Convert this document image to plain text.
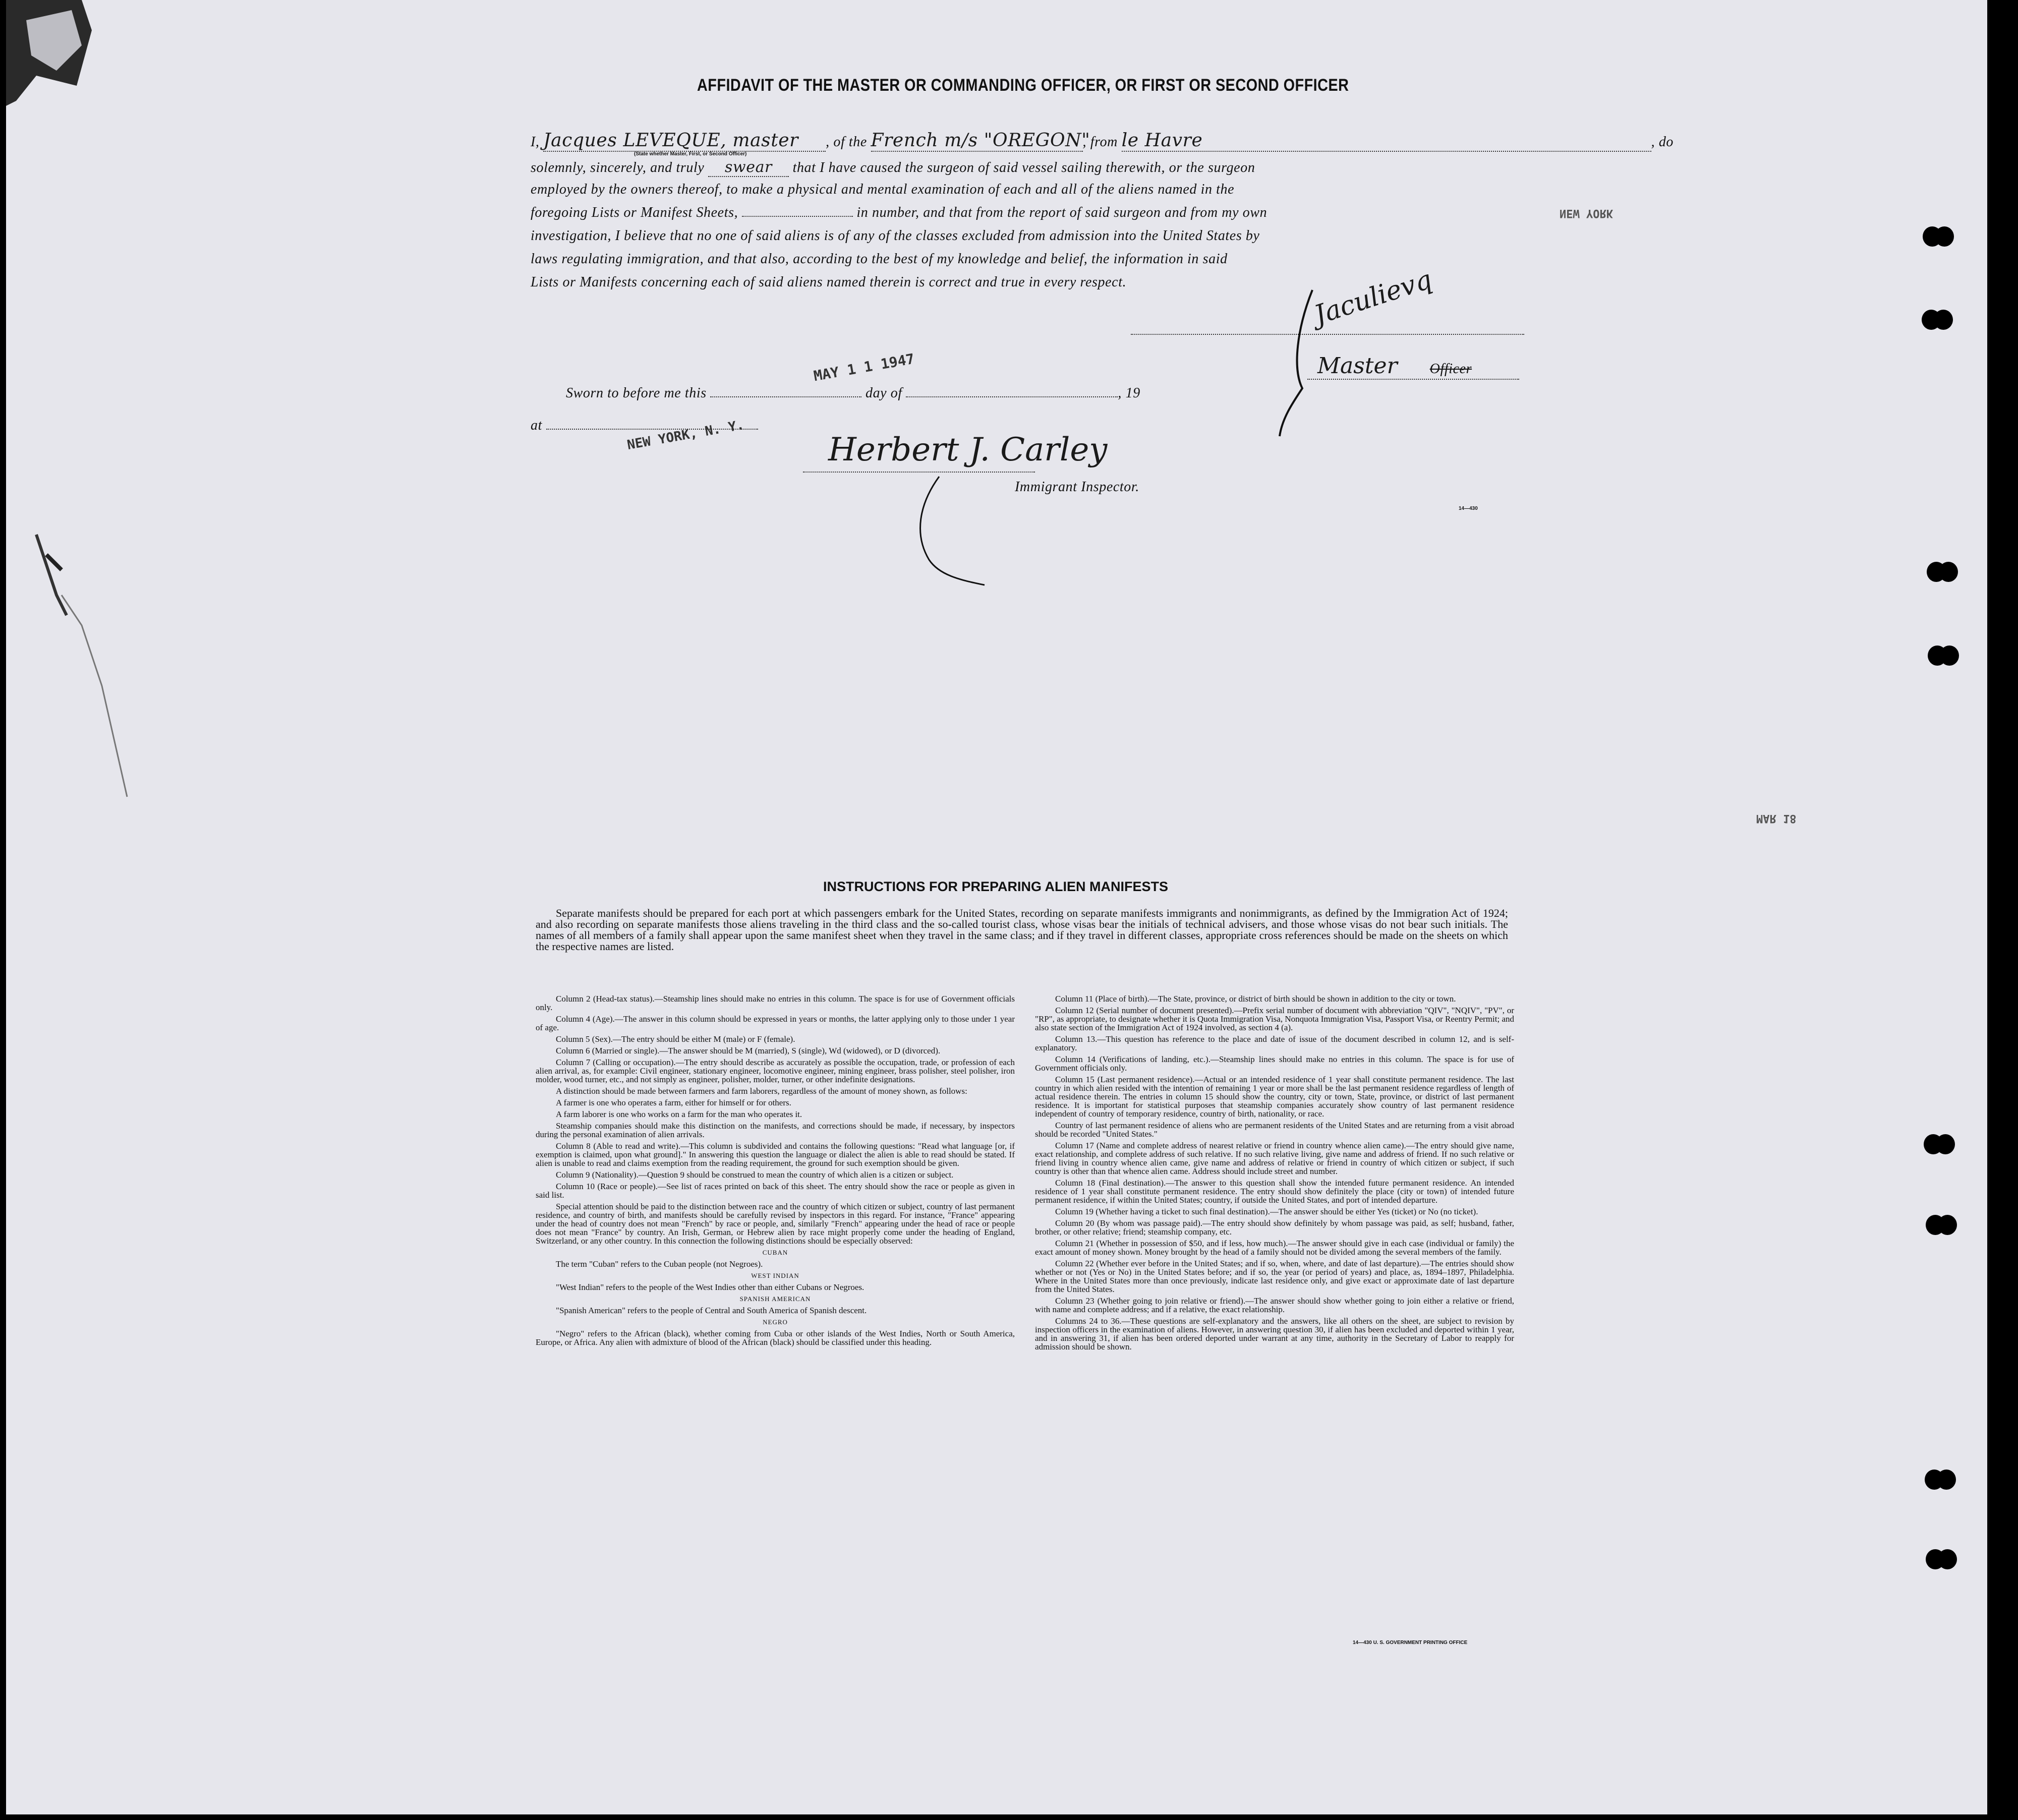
AFFIDAVIT OF THE MASTER OR COMMANDING OFFICER, OR FIRST OR SECOND OFFICER
I, Jacques LEVEQUE, master , of the French m/s "OREGON", from le Havre	, do
(State whether Master, First, or Second Officer)
solemnly, sincerely, and truly swear that I have caused the surgeon of said vessel sailing therewith, or the surgeon
employed by the owners thereof, to make a physical and mental examination of each and all of the aliens named in the
foregoing Lists or Manifest Sheets,	in number, and that from the report of said surgeon and from my own
investigation, I believe that no one of said aliens is of any of the classes excluded from admission into the United States by
laws regulating immigration, and that also, according to the best of my knowledge and belief, the information in said
Lists or Manifests concerning each of said aliens named therein is correct and true in every respect.	Jaculievq
Master Officer
Sworn to before me this	day of	, 19
MAY 1 1 1947
at	NEW YORK, N. Y.	Herbert J. Carley
Immigrant Inspector.
14—430
NEW YORK
MAR 18
INSTRUCTIONS FOR PREPARING ALIEN MANIFESTS

Separate manifests should be prepared for each port at which passengers embark for the United States, recording on separate manifests immigrants and nonimmigrants, as defined by the Immigration Act of 1924; and also recording on separate manifests those aliens traveling in the third class and the so-called tourist class, whose visas bear the initials of technical advisers, and those whose visas do not bear such initials. The names of all members of a family shall appear upon the same manifest sheet when they travel in the same class; and if they travel in different classes, appropriate cross references should be made on the sheets on which the respective names are listed.

Column 2 (Head-tax status).—Steamship lines should make no entries in this column. The space is for use of Government officials only.

Column 4 (Age).—The answer in this column should be expressed in years or months, the latter applying only to those under 1 year of age.

Column 5 (Sex).—The entry should be either M (male) or F (female).

Column 6 (Married or single).—The answer should be M (married), S (single), Wd (widowed), or D (divorced).

Column 7 (Calling or occupation).—The entry should describe as accurately as possible the occupation, trade, or profession of each alien arrival, as, for example: Civil engineer, stationary engineer, locomotive engineer, mining engineer, brass polisher, steel polisher, iron molder, wood turner, etc., and not simply as engineer, polisher, molder, turner, or other indefinite designations.

A distinction should be made between farmers and farm laborers, regardless of the amount of money shown, as follows:

A farmer is one who operates a farm, either for himself or for others.

A farm laborer is one who works on a farm for the man who operates it.

Steamship companies should make this distinction on the manifests, and corrections should be made, if necessary, by inspectors during the personal examination of alien arrivals.

Column 8 (Able to read and write).—This column is subdivided and contains the following questions: "Read what language [or, if exemption is claimed, upon what ground]." In answering this question the language or dialect the alien is able to read should be stated. If alien is unable to read and claims exemption from the reading requirement, the ground for such exemption should be given.

Column 9 (Nationality).—Question 9 should be construed to mean the country of which alien is a citizen or subject.

Column 10 (Race or people).—See list of races printed on back of this sheet. The entry should show the race or people as given in said list.

Special attention should be paid to the distinction between race and the country of which citizen or subject, country of last permanent residence, and country of birth, and manifests should be carefully revised by inspectors in this regard. For instance, "France" appearing under the head of country does not mean "French" by race or people, and, similarly "French" appearing under the head of race or people does not mean "France" by country. An Irish, German, or Hebrew alien by race might properly come under the heading of England, Switzerland, or any other country. In this connection the following distinctions should be especially observed:

CUBAN

The term "Cuban" refers to the Cuban people (not Negroes).

WEST INDIAN

"West Indian" refers to the people of the West Indies other than either Cubans or Negroes.

SPANISH AMERICAN

"Spanish American" refers to the people of Central and South America of Spanish descent.

NEGRO

"Negro" refers to the African (black), whether coming from Cuba or other islands of the West Indies, North or South America, Europe, or Africa. Any alien with admixture of blood of the African (black) should be classified under this heading.

Column 11 (Place of birth).—The State, province, or district of birth should be shown in addition to the city or town.

Column 12 (Serial number of document presented).—Prefix serial number of document with abbreviation "QIV", "NQIV", "PV", or "RP", as appropriate, to designate whether it is Quota Immigration Visa, Nonquota Immigration Visa, Passport Visa, or Reentry Permit; and also state section of the Immigration Act of 1924 involved, as section 4 (a).

Column 13.—This question has reference to the place and date of issue of the document described in column 12, and is self-explanatory.

Column 14 (Verifications of landing, etc.).—Steamship lines should make no entries in this column. The space is for use of Government officials only.

Column 15 (Last permanent residence).—Actual or an intended residence of 1 year shall constitute permanent residence. The last country in which alien resided with the intention of remaining 1 year or more shall be the last permanent residence regardless of length of actual residence therein. The entries in column 15 should show the country, city or town, State, province, or district of last permanent residence. It is important for statistical purposes that steamship companies accurately show country of last permanent residence independent of country of temporary residence, country of birth, nationality, or race.

Country of last permanent residence of aliens who are permanent residents of the United States and are returning from a visit abroad should be recorded "United States."

Column 17 (Name and complete address of nearest relative or friend in country whence alien came).—The entry should give name, exact relationship, and complete address of such relative. If no such relative living, give name and address of friend. If no such relative or friend living in country whence alien came, give name and address of relative or friend in country of which citizen or subject, if such country is other than that whence alien came. Address should include street and number.

Column 18 (Final destination).—The answer to this question shall show the intended future permanent residence. An intended residence of 1 year shall constitute permanent residence. The entry should show definitely the place (city or town) of intended future permanent residence, if within the United States; country, if outside the United States, and port of intended departure.

Column 19 (Whether having a ticket to such final destination).—The answer should be either Yes (ticket) or No (no ticket).

Column 20 (By whom was passage paid).—The entry should show definitely by whom passage was paid, as self; husband, father, brother, or other relative; friend; steamship company, etc.

Column 21 (Whether in possession of $50, and if less, how much).—The answer should give in each case (individual or family) the exact amount of money shown. Money brought by the head of a family should not be divided among the several members of the family.

Column 22 (Whether ever before in the United States; and if so, when, where, and date of last departure).—The entries should show whether or not (Yes or No) in the United States before; and if so, the year (or period of years) and place, as, 1894–1897, Philadelphia. Where in the United States more than once previously, indicate last residence only, and give exact or approximate date of last departure from the United States.

Column 23 (Whether going to join relative or friend).—The answer should show whether going to join either a relative or friend, with name and complete address; and if a relative, the exact relationship.

Columns 24 to 36.—These questions are self-explanatory and the answers, like all others on the sheet, are subject to revision by inspection officers in the examination of aliens. However, in answering question 30, if alien has been excluded and deported within 1 year, and in answering 31, if alien has been ordered deported under warrant at any time, authority in the Secretary of Labor to reapply for admission should be shown.

14—430 U. S. GOVERNMENT PRINTING OFFICE
